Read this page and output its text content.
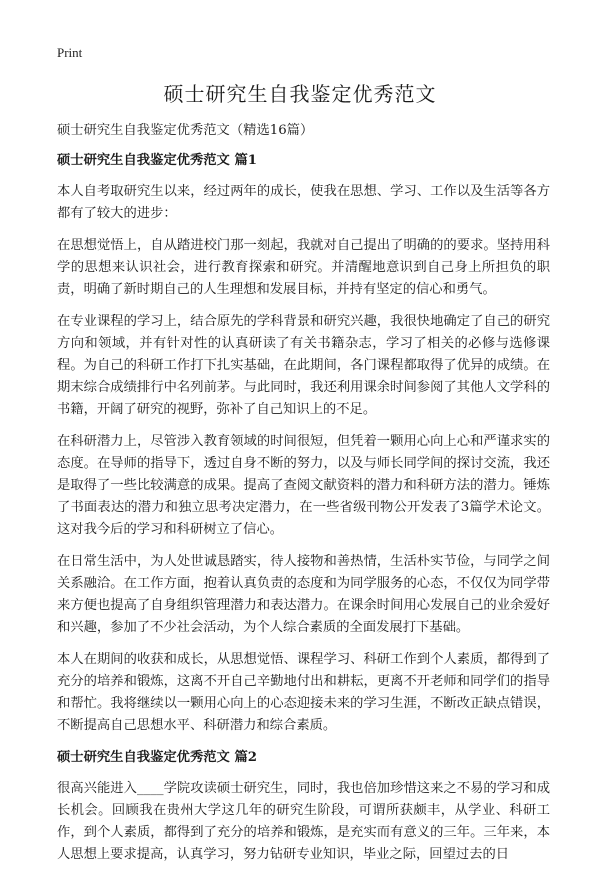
Print
硕士研究生自我鉴定优秀范文

硕士研究生自我鉴定优秀范文（精选16篇）

硕士研究生自我鉴定优秀范文 篇1

本人自考取研究生以来，经过两年的成长，使我在思想、学习、工作以及生活等各方都有了较大的进步：

在思想觉悟上，自从踏进校门那一刻起，我就对自己提出了明确的的要求。坚持用科学的思想来认识社会，进行教育探索和研究。并清醒地意识到自己身上所担负的职责，明确了新时期自己的人生理想和发展目标，并持有坚定的信心和勇气。

在专业课程的学习上，结合原先的学科背景和研究兴趣，我很快地确定了自己的研究方向和领域，并有针对性的认真研读了有关书籍杂志，学习了相关的必修与选修课程。为自己的科研工作打下扎实基础，在此期间，各门课程都取得了优异的成绩。在期末综合成绩排行中名列前茅。与此同时，我还利用课余时间参阅了其他人文学科的书籍，开阔了研究的视野，弥补了自己知识上的不足。

在科研潜力上，尽管涉入教育领域的时间很短，但凭着一颗用心向上心和严谨求实的态度。在导师的指导下，透过自身不断的努力，以及与师长同学间的探讨交流，我还是取得了一些比较满意的成果。提高了查阅文献资料的潜力和科研方法的潜力。锤炼了书面表达的潜力和独立思考决定潜力，在一些省级刊物公开发表了3篇学术论文。这对我今后的学习和科研树立了信心。

在日常生活中，为人处世诚恳踏实，待人接物和善热情，生活朴实节俭，与同学之间关系融洽。在工作方面，抱着认真负责的态度和为同学服务的心态，不仅仅为同学带来方便也提高了自身组织管理潜力和表达潜力。在课余时间用心发展自己的业余爱好和兴趣，参加了不少社会活动，为个人综合素质的全面发展打下基础。

本人在期间的收获和成长，从思想觉悟、课程学习、科研工作到个人素质，都得到了充分的培养和锻炼，这离不开自己辛勤地付出和耕耘，更离不开老师和同学们的指导和帮忙。我将继续以一颗用心向上的心态迎接未来的学习生涯，不断改正缺点错误，不断提高自己思想水平、科研潜力和综合素质。

硕士研究生自我鉴定优秀范文 篇2

很高兴能进入____学院攻读硕士研究生，同时，我也倍加珍惜这来之不易的学习和成长机会。回顾我在贵州大学这几年的研究生阶段，可谓所获颇丰，从学业、科研工作，到个人素质，都得到了充分的培养和锻炼，是充实而有意义的三年。三年来，本人思想上要求提高，认真学习，努力钻研专业知识，毕业之际，回望过去的日
